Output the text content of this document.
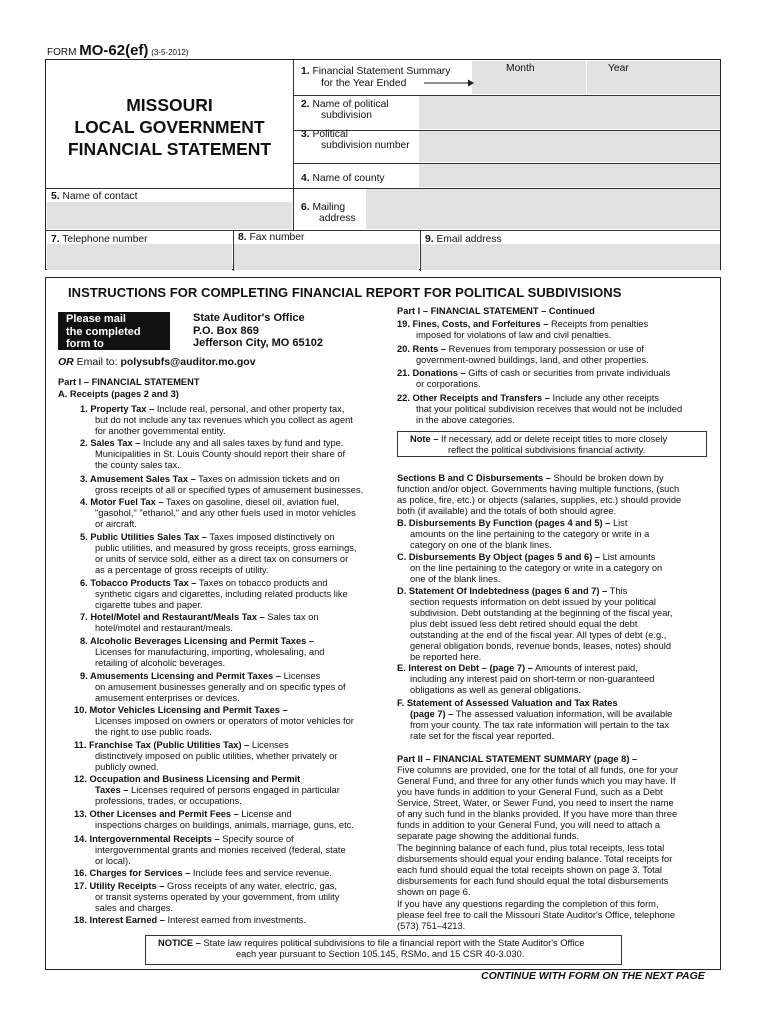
FORM MO-62(ef) (3-5-2012)
MISSOURI
LOCAL GOVERNMENT
FINANCIAL STATEMENT
1. Financial Statement Summary
for the Year Ended
Month	Year
2. Name of political
subdivision
3. Political
subdivision number
4. Name of county
5. Name of contact
6. Mailing
address
7. Telephone number	8. Fax number	9. Email address
INSTRUCTIONS FOR COMPLETING FINANCIAL REPORT FOR POLITICAL SUBDIVISIONS
Please mail
the completed
form to
State Auditor's Office
P.O. Box 869
Jefferson City, MO 65102
OR Email to: polysubfs@auditor.mo.gov
Part I – FINANCIAL STATEMENT
A. Receipts (pages 2 and 3)
1. Property Tax – Include real, personal, and other property tax,
but do not include any tax revenues which you collect as agent
for another governmental entity.
2. Sales Tax – Include any and all sales taxes by fund and type.
Municipalities in St. Louis County should report their share of
the county sales tax.
3. Amusement Sales Tax – Taxes on admission tickets and on
gross receipts of all or specified types of amusement businesses.
4. Motor Fuel Tax – Taxes on gasoline, diesel oil, aviation fuel,
"gasohol," "ethanol," and any other fuels used in motor vehicles
or aircraft.
5. Public Utilities Sales Tax – Taxes imposed distinctively on
public utilities, and measured by gross receipts, gross earnings,
or units of service sold, either as a direct tax on consumers or
as a percentage of gross receipts of utility.
6. Tobacco Products Tax – Taxes on tobacco products and
synthetic cigars and cigarettes, including related products like
cigarette tubes and paper.
7. Hotel/Motel and Restaurant/Meals Tax – Sales tax on
hotel/motel and restaurant/meals.
8. Alcoholic Beverages Licensing and Permit Taxes –
Licenses for manufacturing, importing, wholesaling, and
retailing of alcoholic beverages.
9. Amusements Licensing and Permit Taxes – Licenses
on amusement businesses generally and on specific types of
amusement enterprises or devices.
10. Motor Vehicles Licensing and Permit Taxes –
Licenses imposed on owners or operators of motor vehicles for
the right to use public roads.
11. Franchise Tax (Public Utilities Tax) – Licenses
distinctively imposed on public utilities, whether privately or
publicly owned.
12. Occupation and Business Licensing and Permit
Taxes – Licenses required of persons engaged in particular
professions, trades, or occupations.
13. Other Licenses and Permit Fees – License and
inspections charges on buildings, animals, marriage, guns, etc.
14. Intergovernmental Receipts – Specify source of
intergovernmental grants and monies received (federal, state
or local).
16. Charges for Services – Include fees and service revenue.
17. Utility Receipts – Gross receipts of any water, electric, gas,
or transit systems operated by your government, from utility
sales and charges.
18. Interest Earned – Interest earned from investments.
Part I – FINANCIAL STATEMENT – Continued
19. Fines, Costs, and Forfeitures – Receipts from penalties
imposed for violations of law and civil penalties.
20. Rents – Revenues from temporary possession or use of
government-owned buildings, land, and other properties.
21. Donations – Gifts of cash or securities from private individuals
or corporations.
22. Other Receipts and Transfers – Include any other receipts
that your political subdivision receives that would not be included
in the above categories.
Sections B and C Disbursements – Should be broken down by
function and/or object. Governments having multiple functions, (such
as police, fire, etc.) or objects (salaries, supplies, etc.) should provide
both (if available) and the totals of both should agree.
B. Disbursements By Function (pages 4 and 5) – List
amounts on the line pertaining to the category or write in a
category on one of the blank lines.
C. Disbursements By Object (pages 5 and 6) – List amounts
on the line pertaining to the category or write in a category on
one of the blank lines.
D. Statement Of Indebtedness (pages 6 and 7) – This
section requests information on debt issued by your political
subdivision. Debt outstanding at the beginning of the fiscal year,
plus debt issued less debt retired should equal the debt
outstanding at the end of the fiscal year. All types of debt (e.g.,
general obligation bonds, revenue bonds, leases, notes) should
be reported here.
E. Interest on Debt – (page 7) – Amounts of interest paid,
including any interest paid on short-term or non-guaranteed
obligations as well as general obligations.
F. Statement of Assessed Valuation and Tax Rates
(page 7) – The assessed valuation information, will be available
from your county. The tax rate information will pertain to the tax
rate set for the fiscal year reported.
Part II – FINANCIAL STATEMENT SUMMARY (page 8) –
Five columns are provided, one for the total of all funds, one for your
General Fund, and three for any other funds which you may have. If
you have funds in addition to your General Fund, such as a Debt
Service, Street, Water, or Sewer Fund, you need to insert the name
of any such fund in the blanks provided. If you have more than three
funds in addition to your General Fund, you will need to attach a
separate page showing the additional funds.
The beginning balance of each fund, plus total receipts, less total
disbursements should equal your ending balance. Total receipts for
each fund should equal the total receipts shown on page 3. Total
disbursements for each fund should equal the total disbursements
shown on page 6.
If you have any questions regarding the completion of this form,
please feel free to call the Missouri State Auditor's Office, telephone
(573) 751–4213.
Note – If necessary, add or delete receipt titles to more closely
reflect the political subdivisions financial activity.
NOTICE – State law requires political subdivisions to file a financial report with the State Auditor's Office
each year pursuant to Section 105.145, RSMo, and 15 CSR 40-3.030.
CONTINUE WITH FORM ON THE NEXT PAGE
